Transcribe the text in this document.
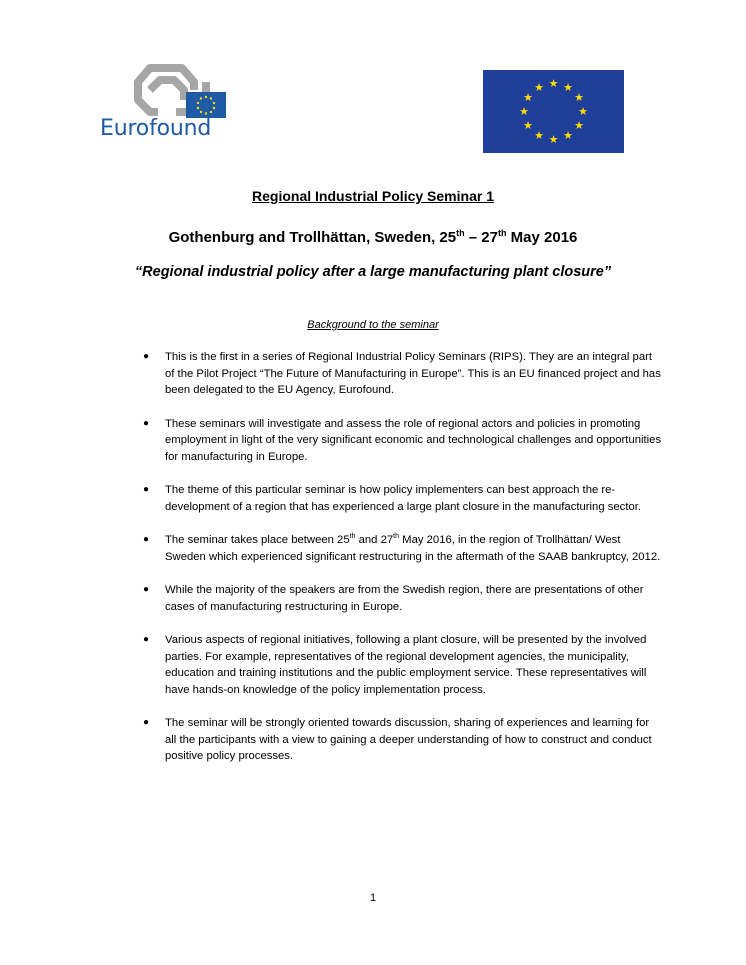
Eurofound
★ ★
★
★
★
★
★
★
★
★
★
★
Regional Industrial Policy Seminar 1
Gothenburg and Trollhättan, Sweden, 25th – 27th May 2016
“Regional industrial policy after a large manufacturing plant closure”
Background to the seminar
● This is the first in a series of Regional Industrial Policy Seminars (RIPS). They are an integral part of the Pilot Project “The Future of Manufacturing in Europe”. This is an EU financed project and has been delegated to the EU Agency, Eurofound.
● These seminars will investigate and assess the role of regional actors and policies in promoting employment in light of the very significant economic and technological challenges and opportunities for manufacturing in Europe.
● The theme of this particular seminar is how policy implementers can best approach the re-development of a region that has experienced a large plant closure in the manufacturing sector.
● The seminar takes place between 25th and 27th May 2016, in the region of Trollhättan/ West Sweden which experienced significant restructuring in the aftermath of the SAAB bankruptcy, 2012.
● While the majority of the speakers are from the Swedish region, there are presentations of other cases of manufacturing restructuring in Europe.
● Various aspects of regional initiatives, following a plant closure, will be presented by the involved parties. For example, representatives of the regional development agencies, the municipality, education and training institutions and the public employment service. These representatives will have hands-on knowledge of the policy implementation process.
● The seminar will be strongly oriented towards discussion, sharing of experiences and learning for all the participants with a view to gaining a deeper understanding of how to construct and conduct positive policy processes.
1
